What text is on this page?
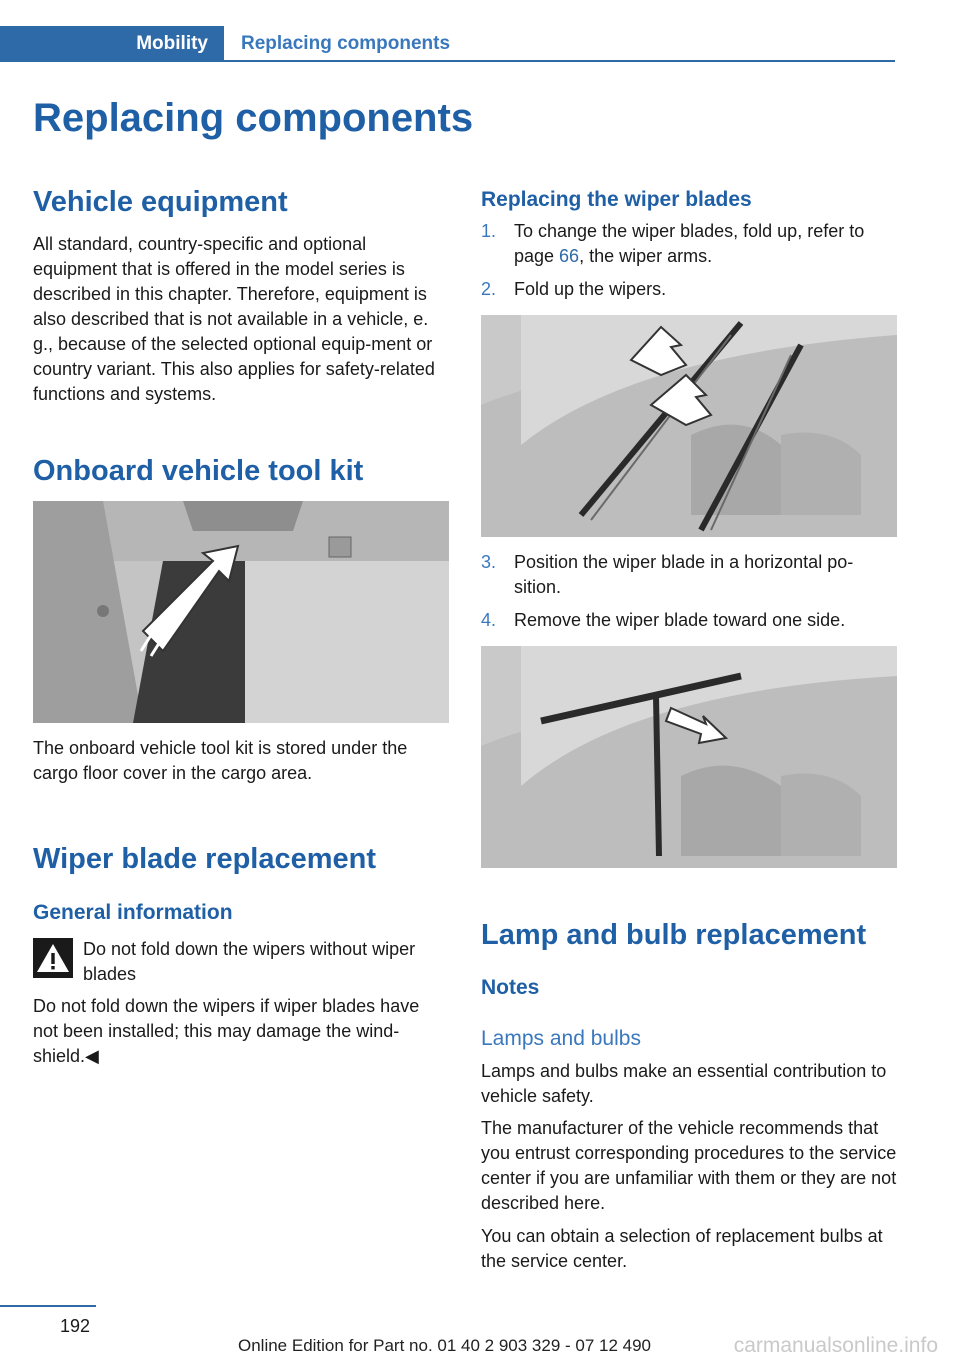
Mobility	Replacing components
Replacing components
Vehicle equipment
All standard, country-specific and optional equipment that is offered in the model series is described in this chapter. Therefore, equipment is also described that is not available in a vehicle, e. g., because of the selected optional equip-ment or country variant. This also applies for safety-related functions and systems.
Onboard vehicle tool kit
The onboard vehicle tool kit is stored under the cargo floor cover in the cargo area.
Wiper blade replacement
General information
Do not fold down the wipers without wiper blades
Do not fold down the wipers if wiper blades have not been installed; this may damage the wind-shield.◀
Replacing the wiper blades
1. To change the wiper blades, fold up, refer to page 66, the wiper arms.
2. Fold up the wipers.
3. Position the wiper blade in a horizontal po-sition.
4. Remove the wiper blade toward one side.
Lamp and bulb replacement
Notes
Lamps and bulbs
Lamps and bulbs make an essential contribution to vehicle safety.
The manufacturer of the vehicle recommends that you entrust corresponding procedures to the service center if you are unfamiliar with them or they are not described here.
You can obtain a selection of replacement bulbs at the service center.
192
Online Edition for Part no. 01 40 2 903 329 - 07 12 490	carmanualsonline.info
